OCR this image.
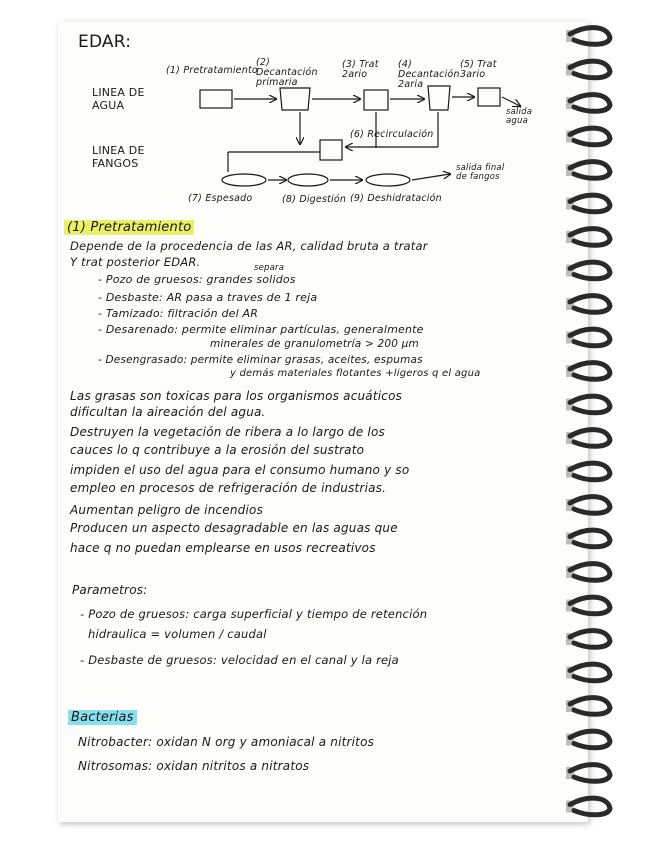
EDAR:
LINEA DE AGUA
LINEA DE FANGOS
(1) Pretratamiento
(2) Decantación primaria
(3) Trat 2ario
(4) Decantación 2aria
(5) Trat 3ario
salida agua
(6) Recirculación
(7) Espesado	(8) Digestión (9) Deshidratación
salida final de fangos
(1) Pretratamiento
Depende de la procedencia de las AR, calidad bruta a tratar
Y trat posterior EDAR.	separa
- Pozo de gruesos: grandes solidos
- Desbaste: AR pasa a traves de 1 reja
- Tamizado: filtración del AR
- Desarenado: permite eliminar partículas, generalmente
minerales de granulometría > 200 µm
- Desengrasado: permite eliminar grasas, aceites, espumas
y demás materiales flotantes +ligeros q el agua
Las grasas son toxicas para los organismos acuáticos
dificultan la aireación del agua.
Destruyen la vegetación de ribera a lo largo de los
cauces lo q contribuye a la erosión del sustrato
impiden el uso del agua para el consumo humano y so
empleo en procesos de refrigeración de industrias.
Aumentan peligro de incendios
Producen un aspecto desagradable en las aguas que
hace q no puedan emplearse en usos recreativos
Parametros:
- Pozo de gruesos: carga superficial y tiempo de retención
hidraulica = volumen / caudal
- Desbaste de gruesos: velocidad en el canal y la reja
Bacterias
Nitrobacter: oxidan N org y amoniacal a nitritos
Nitrosomas: oxidan nitritos a nitratos
